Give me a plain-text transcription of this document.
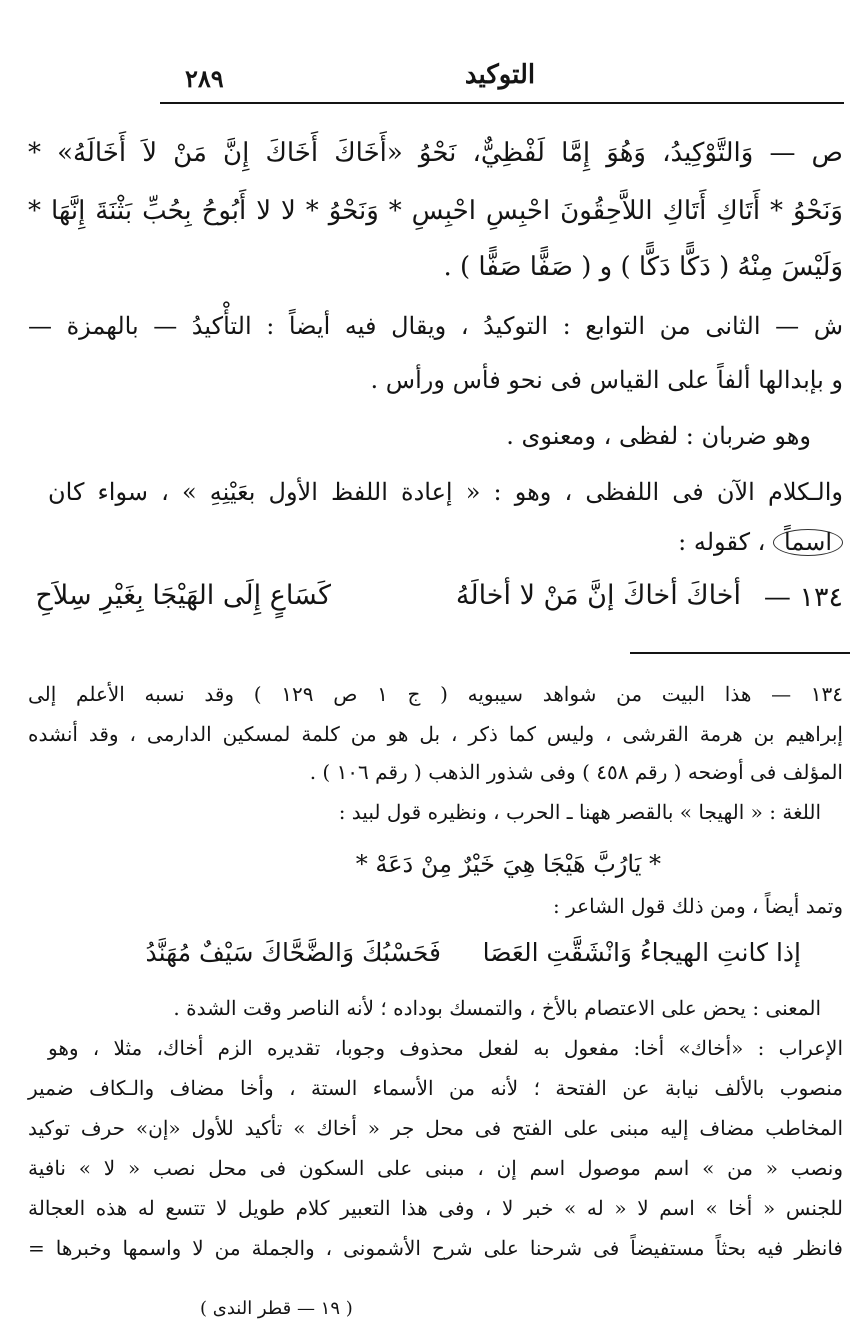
التوكيد
٢٨٩
ص — وَالتَّوْكِيدُ، وَهُوَ إِمَّا لَفْظِيٌّ، نَحْوُ «أَخَاكَ أَخَاكَ إِنَّ مَنْ لاَ أَخَالَهُ» *
وَنَحْوُ * أَتَاكِ أَتَاكِ اللاَّحِقُونَ احْبِسِ احْبِسِ * وَنَحْوُ * لا لا أَبُوحُ بِحُبِّ بَثْنَةَ إِنَّهَا *
وَلَيْسَ مِنْهُ ( دَكًّا دَكًّا ) و ( صَفًّا صَفًّا ) .
ش — الثانى من التوابع : التوكيدُ ، ويقال فيه أيضاً : التأْكيدُ — بالهمزة —
و بإبدالها ألفاً على القياس فى نحو فأس ورأس .
وهو ضربان : لفظى ، ومعنوى .
والـكلام الآن فى اللفظى ، وهو : « إعادة اللفظ الأول بعَيْنِهِ » ، سواء كان
اسماً ، كقوله :
١٣٤ —
أخاكَ أخاكَ إنَّ مَنْ لا أخالَهُ
كَسَاعٍ إِلَى الهَيْجَا بِغَيْرِ سِلاَحِ
١٣٤ — هذا البيت من شواهد سيبويه ( ج ١ ص ١٢٩ ) وقد نسبه الأعلم إلى
إبراهيم بن هرمة القرشى ، وليس كما ذكر ، بل هو من كلمة لمسكين الدارمى ، وقد أنشده
المؤلف فى أوضحه ( رقم ٤٥٨ ) وفى شذور الذهب ( رقم ١٠٦ ) .
اللغة : « الهيجا » بالقصر ههنا ـ الحرب ، ونظيره قول لبيد :
* يَارُبَّ هَيْجَا هِيَ خَيْرٌ مِنْ دَعَهْ *
وتمد أيضاً ، ومن ذلك قول الشاعر :
إذا كانتِ الهيجاءُ وَانْشَقَّتِ العَصَا
فَحَسْبُكَ وَالضَّحَّاكَ سَيْفٌ مُهَنَّدُ
المعنى : يحض على الاعتصام بالأخ ، والتمسك بوداده ؛ لأنه الناصر وقت الشدة .
الإعراب : «أخاك» أخا: مفعول به لفعل محذوف وجوبا، تقديره الزم أخاك، مثلا ، وهو
منصوب بالألف نيابة عن الفتحة ؛ لأنه من الأسماء الستة ، وأخا مضاف والـكاف ضمير
المخاطب مضاف إليه مبنى على الفتح فى محل جر « أخاك » تأكيد للأول «إن» حرف توكيد
ونصب « من » اسم موصول اسم إن ، مبنى على السكون فى محل نصب « لا » نافية
للجنس « أخا » اسم لا « له » خبر لا ، وفى هذا التعبير كلام طويل لا تتسع له هذه العجالة
فانظر فيه بحثاً مستفيضاً فى شرحنا على شرح الأشمونى ، والجملة من لا واسمها وخبرها =
( ١٩ — قطر الندى )
